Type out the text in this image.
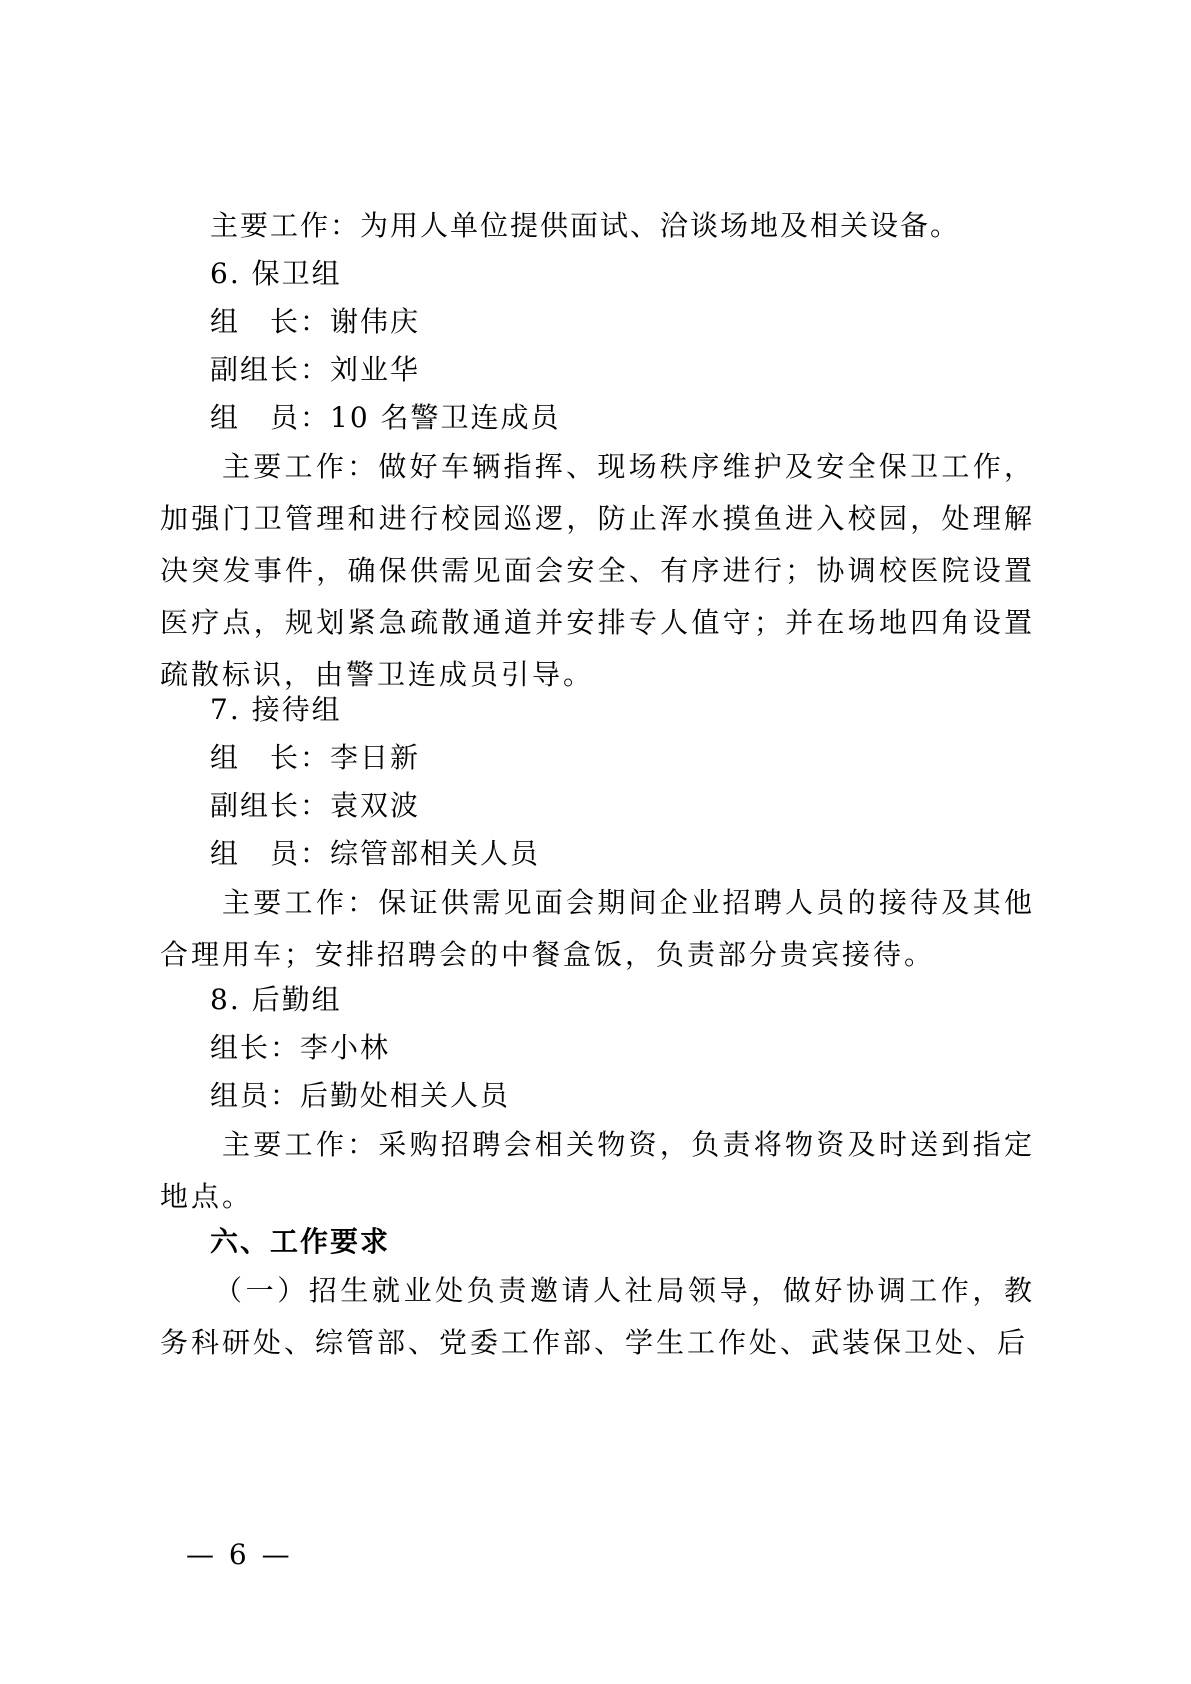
主要工作：为用人单位提供面试、洽谈场地及相关设备。
6. 保卫组
组　长：谢伟庆
副组长：刘业华
组　员：10 名警卫连成员
主要工作：做好车辆指挥、现场秩序维护及安全保卫工作，加强门卫管理和进行校园巡逻，防止浑水摸鱼进入校园，处理解决突发事件，确保供需见面会安全、有序进行；协调校医院设置医疗点，规划紧急疏散通道并安排专人值守；并在场地四角设置疏散标识，由警卫连成员引导。
7. 接待组
组　长：李日新
副组长：袁双波
组　员：综管部相关人员
主要工作：保证供需见面会期间企业招聘人员的接待及其他合理用车；安排招聘会的中餐盒饭，负责部分贵宾接待。
8. 后勤组
组长：李小林
组员：后勤处相关人员
主要工作：采购招聘会相关物资，负责将物资及时送到指定地点。
六、工作要求
（一）招生就业处负责邀请人社局领导，做好协调工作，教务科研处、综管部、党委工作部、学生工作处、武装保卫处、后
— 6 —
